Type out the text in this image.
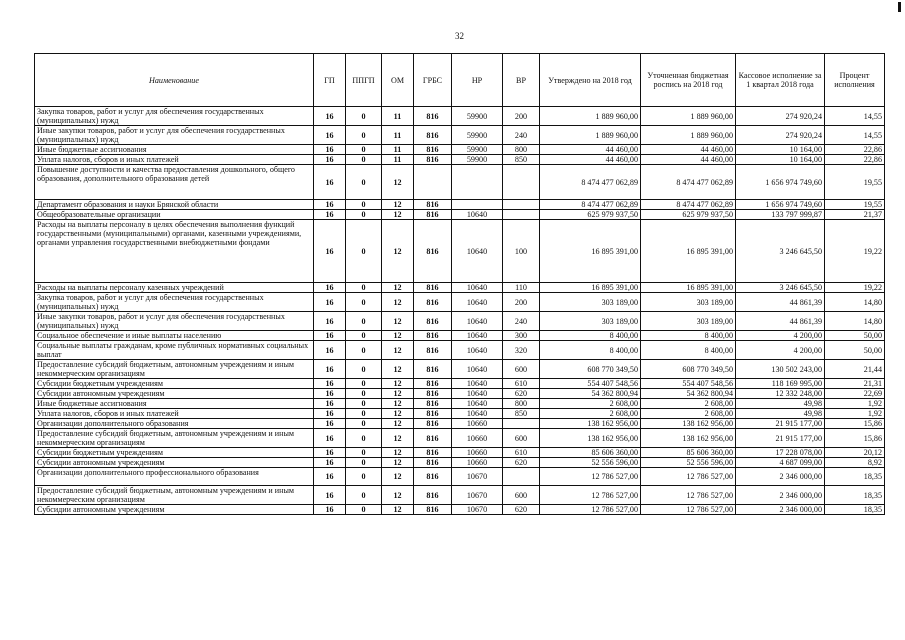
32
Наименование	ГП	ППГП	ОМ	ГРБС	НР	ВР	Утверждено на 2018 год	Уточненная бюджетная роспись на 2018 год	Кассовое исполнение за 1 квартал 2018 года	Процент исполнения
Закупка товаров, работ и услуг для обеспечения государственных (муниципальных) нужд	16	0	11	816	59900	200	1 889 960,00	1 889 960,00	274 920,24	14,55
Иные закупки товаров, работ и услуг для обеспечения государственных (муниципальных) нужд	16	0	11	816	59900	240	1 889 960,00	1 889 960,00	274 920,24	14,55
Иные бюджетные ассигнования	16	0	11	816	59900	800	44 460,00	44 460,00	10 164,00	22,86
Уплата налогов, сборов и иных платежей	16	0	11	816	59900	850	44 460,00	44 460,00	10 164,00	22,86
Повышение доступности и качества предоставления дошкольного, общего образования, дополнительного образования детей	16	0	12				8 474 477 062,89	8 474 477 062,89	1 656 974 749,60	19,55
Департамент образования и науки Брянской области	16	0	12	816			8 474 477 062,89	8 474 477 062,89	1 656 974 749,60	19,55
Общеобразовательные организации	16	0	12	816	10640		625 979 937,50	625 979 937,50	133 797 999,87	21,37
Расходы на выплаты персоналу в целях обеспечения выполнения функций государственными (муниципальными) органами, казенными учреждениями, органами управления государственными внебюджетными фондами	16	0	12	816	10640	100	16 895 391,00	16 895 391,00	3 246 645,50	19,22
Расходы на выплаты персоналу казенных учреждений	16	0	12	816	10640	110	16 895 391,00	16 895 391,00	3 246 645,50	19,22
Закупка товаров, работ и услуг для обеспечения государственных (муниципальных) нужд	16	0	12	816	10640	200	303 189,00	303 189,00	44 861,39	14,80
Иные закупки товаров, работ и услуг для обеспечения государственных (муниципальных) нужд	16	0	12	816	10640	240	303 189,00	303 189,00	44 861,39	14,80
Социальное обеспечение и иные выплаты населению	16	0	12	816	10640	300	8 400,00	8 400,00	4 200,00	50,00
Социальные выплаты гражданам, кроме публичных нормативных социальных выплат	16	0	12	816	10640	320	8 400,00	8 400,00	4 200,00	50,00
Предоставление субсидий бюджетным, автономным учреждениям и иным некоммерческим организациям	16	0	12	816	10640	600	608 770 349,50	608 770 349,50	130 502 243,00	21,44
Субсидии бюджетным учреждениям	16	0	12	816	10640	610	554 407 548,56	554 407 548,56	118 169 995,00	21,31
Субсидии автономным учреждениям	16	0	12	816	10640	620	54 362 800,94	54 362 800,94	12 332 248,00	22,69
Иные бюджетные ассигнования	16	0	12	816	10640	800	2 608,00	2 608,00	49,98	1,92
Уплата налогов, сборов и иных платежей	16	0	12	816	10640	850	2 608,00	2 608,00	49,98	1,92
Организации дополнительного образования	16	0	12	816	10660		138 162 956,00	138 162 956,00	21 915 177,00	15,86
Предоставление субсидий бюджетным, автономным учреждениям и иным некоммерческим организациям	16	0	12	816	10660	600	138 162 956,00	138 162 956,00	21 915 177,00	15,86
Субсидии бюджетным учреждениям	16	0	12	816	10660	610	85 606 360,00	85 606 360,00	17 228 078,00	20,12
Субсидии автономным учреждениям	16	0	12	816	10660	620	52 556 596,00	52 556 596,00	4 687 099,00	8,92
Организации дополнительного профессионального образования	16	0	12	816	10670		12 786 527,00	12 786 527,00	2 346 000,00	18,35
Предоставление субсидий бюджетным, автономным учреждениям и иным некоммерческим организациям	16	0	12	816	10670	600	12 786 527,00	12 786 527,00	2 346 000,00	18,35
Субсидии автономным учреждениям	16	0	12	816	10670	620	12 786 527,00	12 786 527,00	2 346 000,00	18,35
